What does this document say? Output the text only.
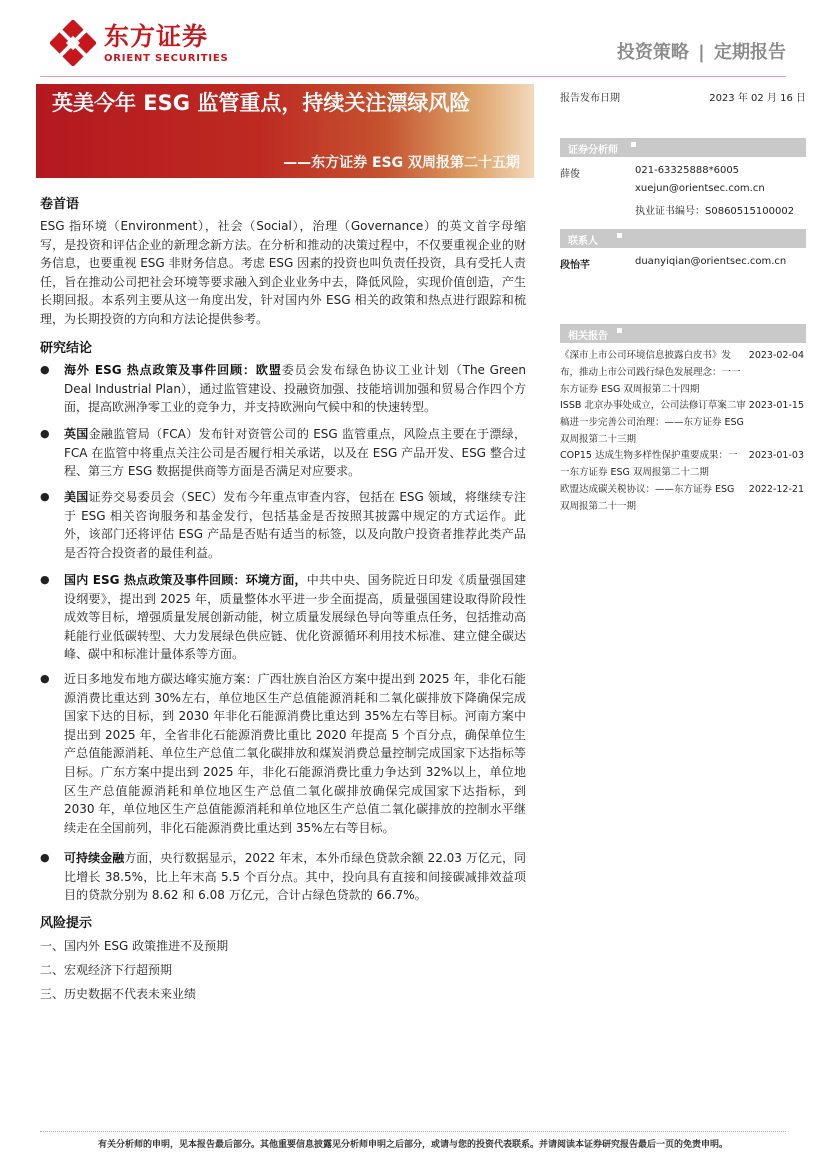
东方证券
ORIENT SECURITIES	投资策略 | 定期报告
英美今年 ESG 监管重点，持续关注漂绿风险
——东方证券 ESG 双周报第二十五期
卷首语
ESG 指环境（Environment），社会（Social），治理（Governance）的英文首字母缩写，是投资和评估企业的新理念新方法。在分析和推动的决策过程中，不仅要重视企业的财务信息，也要重视 ESG 非财务信息。考虑 ESG 因素的投资也叫负责任投资，具有受托人责任，旨在推动公司把社会环境等要求融入到企业业务中去，降低风险，实现价值创造，产生长期回报。本系列主要从这一角度出发，针对国内外 ESG 相关的政策和热点进行跟踪和梳理，为长期投资的方向和方法论提供参考。
研究结论
● 海外 ESG 热点政策及事件回顾：欧盟委员会发布绿色协议工业计划（The Green Deal Industrial Plan），通过监管建设、投融资加强、技能培训加强和贸易合作四个方面，提高欧洲净零工业的竞争力，并支持欧洲向气候中和的快速转型。
● 英国金融监管局（FCA）发布针对资管公司的 ESG 监管重点，风险点主要在于漂绿，FCA 在监管中将重点关注公司是否履行相关承诺，以及在 ESG 产品开发、ESG 整合过程、第三方 ESG 数据提供商等方面是否满足对应要求。
● 美国证券交易委员会（SEC）发布今年重点审查内容，包括在 ESG 领域，将继续专注于 ESG 相关咨询服务和基金发行，包括基金是否按照其披露中规定的方式运作。此外，该部门还将评估 ESG 产品是否贴有适当的标签，以及向散户投资者推荐此类产品是否符合投资者的最佳利益。
● 国内 ESG 热点政策及事件回顾：环境方面，中共中央、国务院近日印发《质量强国建设纲要》，提出到 2025 年，质量整体水平进一步全面提高，质量强国建设取得阶段性成效等目标，增强质量发展创新动能，树立质量发展绿色导向等重点任务，包括推动高耗能行业低碳转型、大力发展绿色供应链、优化资源循环利用技术标准、建立健全碳达峰、碳中和标准计量体系等方面。
● 近日多地发布地方碳达峰实施方案：广西壮族自治区方案中提出到 2025 年，非化石能源消费比重达到 30%左右，单位地区生产总值能源消耗和二氧化碳排放下降确保完成国家下达的目标，到 2030 年非化石能源消费比重达到 35%左右等目标。河南方案中提出到 2025 年，全省非化石能源消费比重比 2020 年提高 5 个百分点，确保单位生产总值能源消耗、单位生产总值二氧化碳排放和煤炭消费总量控制完成国家下达指标等目标。广东方案中提出到 2025 年，非化石能源消费比重力争达到 32%以上，单位地区生产总值能源消耗和单位地区生产总值二氧化碳排放确保完成国家下达指标，到 2030 年，单位地区生产总值能源消耗和单位地区生产总值二氧化碳排放的控制水平继续走在全国前列，非化石能源消费比重达到 35%左右等目标。
● 可持续金融方面，央行数据显示，2022 年末，本外币绿色贷款余额 22.03 万亿元，同比增长 38.5%，比上年末高 5.5 个百分点。其中，投向具有直接和间接碳减排效益项目的贷款分别为 8.62 和 6.08 万亿元，合计占绿色贷款的 66.7%。
风险提示
一、国内外 ESG 政策推进不及预期
二、宏观经济下行超预期
三、历史数据不代表未来业绩
报告发布日期	2023 年 02 月 16 日
证券分析师
▪
薛俊	021-63325888*6005
xuejun@orientsec.com.cn
执业证书编号：S0860515100002
联系人
▪
段怡芊	duanyiqian@orientsec.com.cn
相关报告
▪
《深市上市公司环境信息披露白皮书》发布，推动上市公司践行绿色发展理念：一一东方证券 ESG 双周报第二十四期
2023-02-04
ISSB 北京办事处成立，公司法修订草案二审稿进一步完善公司治理：——东方证券 ESG 双周报第二十三期
2023-01-15
COP15 达成生物多样性保护重要成果：一一东方证券 ESG 双周报第二十二期
2023-01-03
欧盟达成碳关税协议：——东方证券 ESG 双周报第二十一期
2022-12-21
有关分析师的申明，见本报告最后部分。其他重要信息披露见分析师申明之后部分，或请与您的投资代表联系。并请阅读本证券研究报告最后一页的免责申明。
